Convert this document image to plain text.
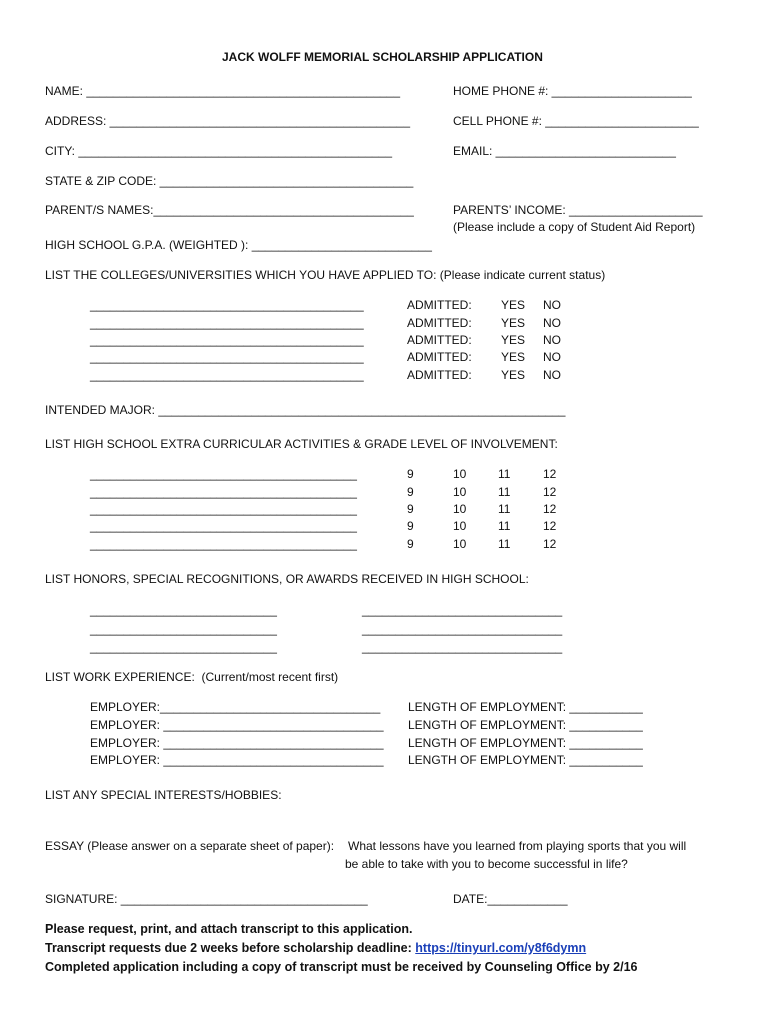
JACK WOLFF MEMORIAL SCHOLARSHIP APPLICATION
NAME: _______________________________________________	HOME PHONE #: _____________________
ADDRESS: _____________________________________________	CELL PHONE #: _______________________
CITY: _______________________________________________	EMAIL: ___________________________
STATE & ZIP CODE: ______________________________________
PARENT/S NAMES:_______________________________________	PARENTS’ INCOME: ____________________
(Please include a copy of Student Aid Report)
HIGH SCHOOL G.P.A. (WEIGHTED ): ___________________________
LIST THE COLLEGES/UNIVERSITIES WHICH YOU HAVE APPLIED TO: (Please indicate current status)
_________________________________________	ADMITTED: YES NO
_________________________________________	ADMITTED: YES NO
_________________________________________	ADMITTED: YES NO
_________________________________________	ADMITTED: YES NO
_________________________________________	ADMITTED: YES NO
INTENDED MAJOR: _____________________________________________________________
LIST HIGH SCHOOL EXTRA CURRICULAR ACTIVITIES & GRADE LEVEL OF INVOLVEMENT:
________________________________________	9	10	11	12
________________________________________	9	10	11	12
________________________________________	9	10	11	12
________________________________________	9	10	11	12
________________________________________	9	10	11	12
LIST HONORS, SPECIAL RECOGNITIONS, OR AWARDS RECEIVED IN HIGH SCHOOL:
____________________________	______________________________
____________________________	______________________________
____________________________	______________________________
LIST WORK EXPERIENCE:  (Current/most recent first)
EMPLOYER:_________________________________ LENGTH OF EMPLOYMENT: ___________
EMPLOYER: _________________________________ LENGTH OF EMPLOYMENT: ___________
EMPLOYER: _________________________________ LENGTH OF EMPLOYMENT: ___________
EMPLOYER: _________________________________ LENGTH OF EMPLOYMENT: ___________
LIST ANY SPECIAL INTERESTS/HOBBIES:
ESSAY (Please answer on a separate sheet of paper): What lessons have you learned from playing sports that you will
be able to take with you to become successful in life?
SIGNATURE: _____________________________________	DATE:____________
Please request, print, and attach transcript to this application.
Transcript requests due 2 weeks before scholarship deadline: https://tinyurl.com/y8f6dymn
Completed application including a copy of transcript must be received by Counseling Office by 2/16
